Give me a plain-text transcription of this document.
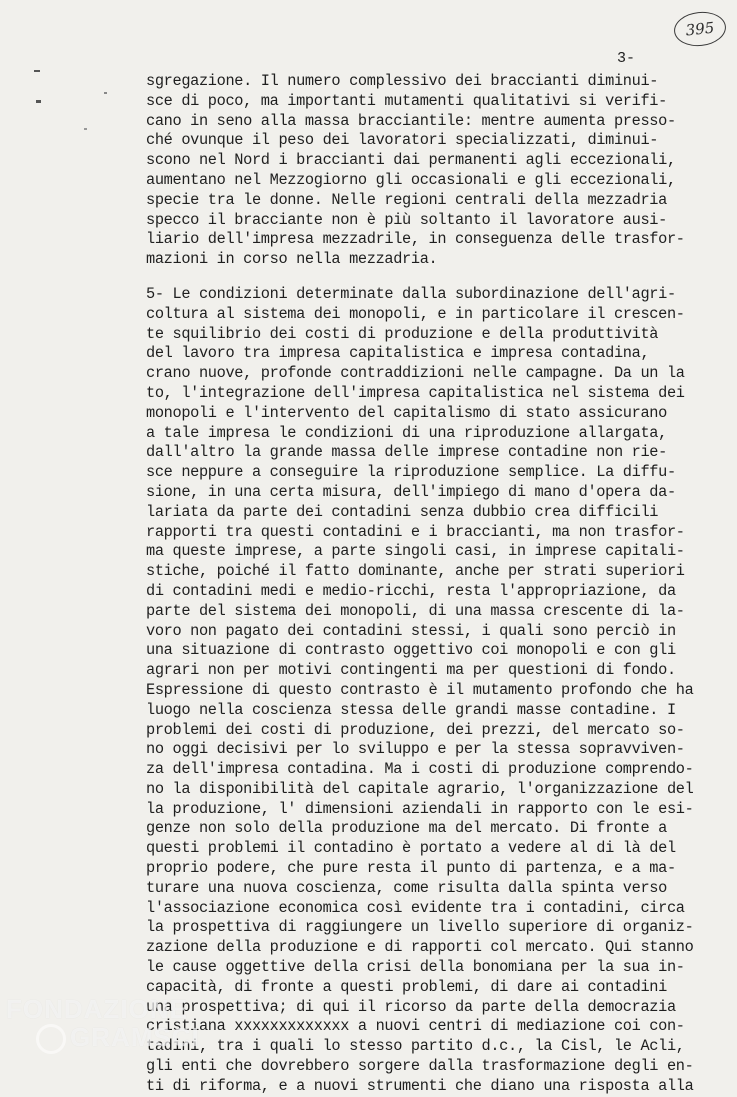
395
3-
sgregazione. Il numero complessivo dei braccianti diminui-
sce di poco, ma importanti mutamenti qualitativi si verifi-
cano in seno alla massa bracciantile: mentre aumenta presso-
ché ovunque il peso dei lavoratori specializzati, diminui-
scono nel Nord i braccianti dai permanenti agli eccezionali,
aumentano nel Mezzogiorno gli occasionali e gli eccezionali,
specie tra le donne. Nelle regioni centrali della mezzadria
specco il bracciante non è più soltanto il lavoratore ausi-
liario dell'impresa mezzadrile, in conseguenza delle trasfor-
mazioni in corso nella mezzadria.
5- Le condizioni determinate dalla subordinazione dell'agri-
coltura al sistema dei monopoli, e in particolare il crescen-
te squilibrio dei costi di produzione e della produttività
del lavoro tra impresa capitalistica e impresa contadina,
crano nuove, profonde contraddizioni nelle campagne. Da un la
to, l'integrazione dell'impresa capitalistica nel sistema dei
monopoli e l'intervento del capitalismo di stato assicurano
a tale impresa le condizioni di una riproduzione allargata,
dall'altro la grande massa delle imprese contadine non rie-
sce neppure a conseguire la riproduzione semplice. La diffu-
sione, in una certa misura, dell'impiego di mano d'opera da-
lariata da parte dei contadini senza dubbio crea difficili
rapporti tra questi contadini e i braccianti, ma non trasfor-
ma queste imprese, a parte singoli casi, in imprese capitali-
stiche, poiché il fatto dominante, anche per strati superiori
di contadini medi e medio-ricchi, resta l'appropriazione, da
parte del sistema dei monopoli, di una massa crescente di la-
voro non pagato dei contadini stessi, i quali sono perciò in
una situazione di contrasto oggettivo coi monopoli e con gli
agrari non per motivi contingenti ma per questioni di fondo.
Espressione di questo contrasto è il mutamento profondo che ha
luogo nella coscienza stessa delle grandi masse contadine. I
problemi dei costi di produzione, dei prezzi, del mercato so-
no oggi decisivi per lo sviluppo e per la stessa sopravviven-
za dell'impresa contadina. Ma i costi di produzione comprendo-
no la disponibilità del capitale agrario, l'organizzazione del
la produzione, l' dimensioni aziendali in rapporto con le esi-
genze non solo della produzione ma del mercato. Di fronte a
questi problemi il contadino è portato a vedere al di là del
proprio podere, che pure resta il punto di partenza, e a ma-
turare una nuova coscienza, come risulta dalla spinta verso
l'associazione economica così evidente tra i contadini, circa
la prospettiva di raggiungere un livello superiore di organiz-
zazione della produzione e di rapporti col mercato. Qui stanno
le cause oggettive della crisi della bonomiana per la sua in-
capacità, di fronte a questi problemi, di dare ai contadini
una prospettiva; di qui il ricorso da parte della democrazia
cristiana xxxxxxxxxxxxx a nuovi centri di mediazione coi con-
tadini, tra i quali lo stesso partito d.c., la Cisl, le Acli,
gli enti che dovrebbero sorgere dalla trasformazione degli en-
ti di riforma, e a nuovi strumenti che diano una risposta alla
FONDAZIONE
GRAMSCI
